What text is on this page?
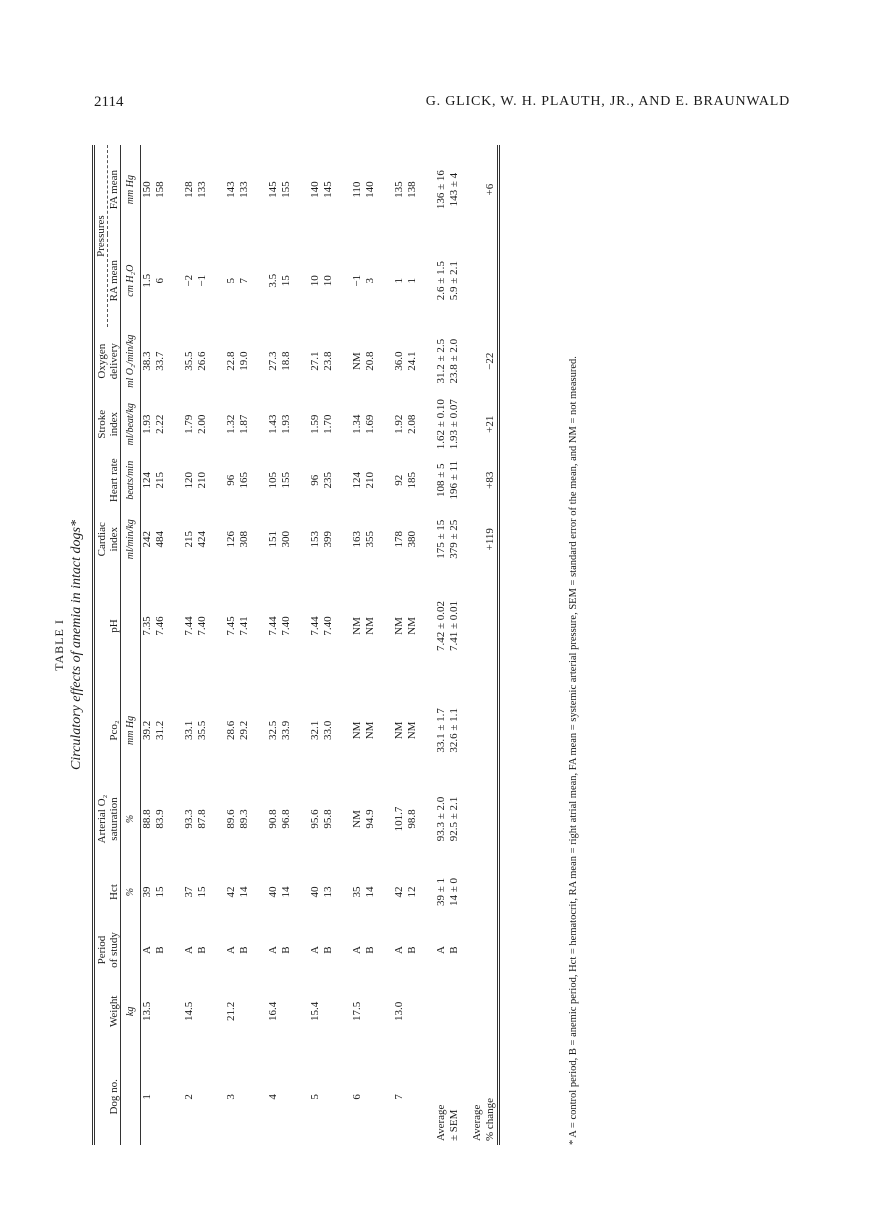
2114	G. GLICK, W. H. PLAUTH, JR., AND E. BRAUNWALD
TABLE I Circulatory effects of anemia in intact dogs*
Dog no.	Weight	Period of study	Hct	Arterial O₂ saturation	Pco₂	pH	Cardiac index	Heart rate	Stroke index	Oxygen delivery	Pressures	
											RA mean	FA mean
	kg		%	%	mm Hg		ml/min/kg	beats/min	ml/beat/kg	ml O₂/min/kg	cm H₂O	mm Hg
1	13.5	A	39	88.8	39.2	7.35	242	124	1.93	38.3	1.5	150
		B	15	83.9	31.2	7.46	484	215	2.22	33.7	6	158

2	14.5	A	37	93.3	33.1	7.44	215	120	1.79	35.5	−2	128
		B	15	87.8	35.5	7.40	424	210	2.00	26.6	−1	133

3	21.2	A	42	89.6	28.6	7.45	126	96	1.32	22.8	5	143
		B	14	89.3	29.2	7.41	308	165	1.87	19.0	7	133

4	16.4	A	40	90.8	32.5	7.44	151	105	1.43	27.3	3.5	145
		B	14	96.8	33.9	7.40	300	155	1.93	18.8	15	155

5	15.4	A	40	95.6	32.1	7.44	153	96	1.59	27.1	10	140
		B	13	95.8	33.0	7.40	399	235	1.70	23.8	10	145

6	17.5	A	35	NM	NM	NM	163	124	1.34	NM	−1	110
		B	14	94.9	NM	NM	355	210	1.69	20.8	3	140

7	13.0	A	42	101.7	NM	NM	178	92	1.92	36.0	1	135
		B	12	98.8	NM	NM	380	185	2.08	24.1	1	138

Average		A	39 ± 1	93.3 ± 2.0	33.1 ± 1.7	7.42 ± 0.02	175 ± 15	108 ± 5	1.62 ± 0.10	31.2 ± 2.5	2.6 ± 1.5	136 ± 16
± SEM		B	14 ± 0	92.5 ± 2.1	32.6 ± 1.1	7.41 ± 0.01	379 ± 25	196 ± 11	1.93 ± 0.07	23.8 ± 2.0	5.9 ± 2.1	143 ± 4
Average												
% change							+119	+83	+21	−22		+6
* A = control period, B = anemic period, Hct = hematocrit, RA mean = right atrial mean, FA mean = systemic arterial pressure, SEM = standard error of the mean, and NM = not measured.
